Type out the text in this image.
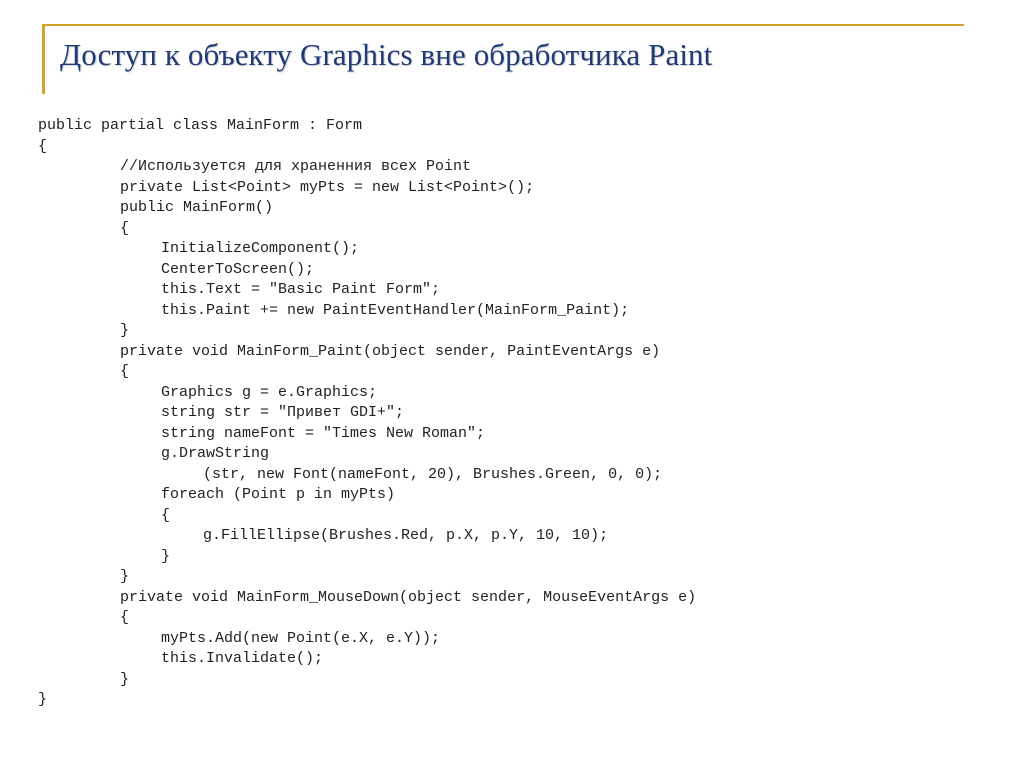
Доступ к объекту Graphics вне обработчика Paint
public partial class MainForm : Form
{
//Используется для храненния всех Point
private List<Point> myPts = new List<Point>();
public MainForm()
{
InitializeComponent();
CenterToScreen();
this.Text = "Basic Paint Form";
this.Paint += new PaintEventHandler(MainForm_Paint);
}
private void MainForm_Paint(object sender, PaintEventArgs e)
{
Graphics g = e.Graphics;
string str = "Привет GDI+";
string nameFont = "Times New Roman";
g.DrawString
(str, new Font(nameFont, 20), Brushes.Green, 0, 0);
foreach (Point p in myPts)
{
g.FillEllipse(Brushes.Red, p.X, p.Y, 10, 10);
}
}
private void MainForm_MouseDown(object sender, MouseEventArgs e)
{
myPts.Add(new Point(e.X, e.Y));
this.Invalidate();
}
}
